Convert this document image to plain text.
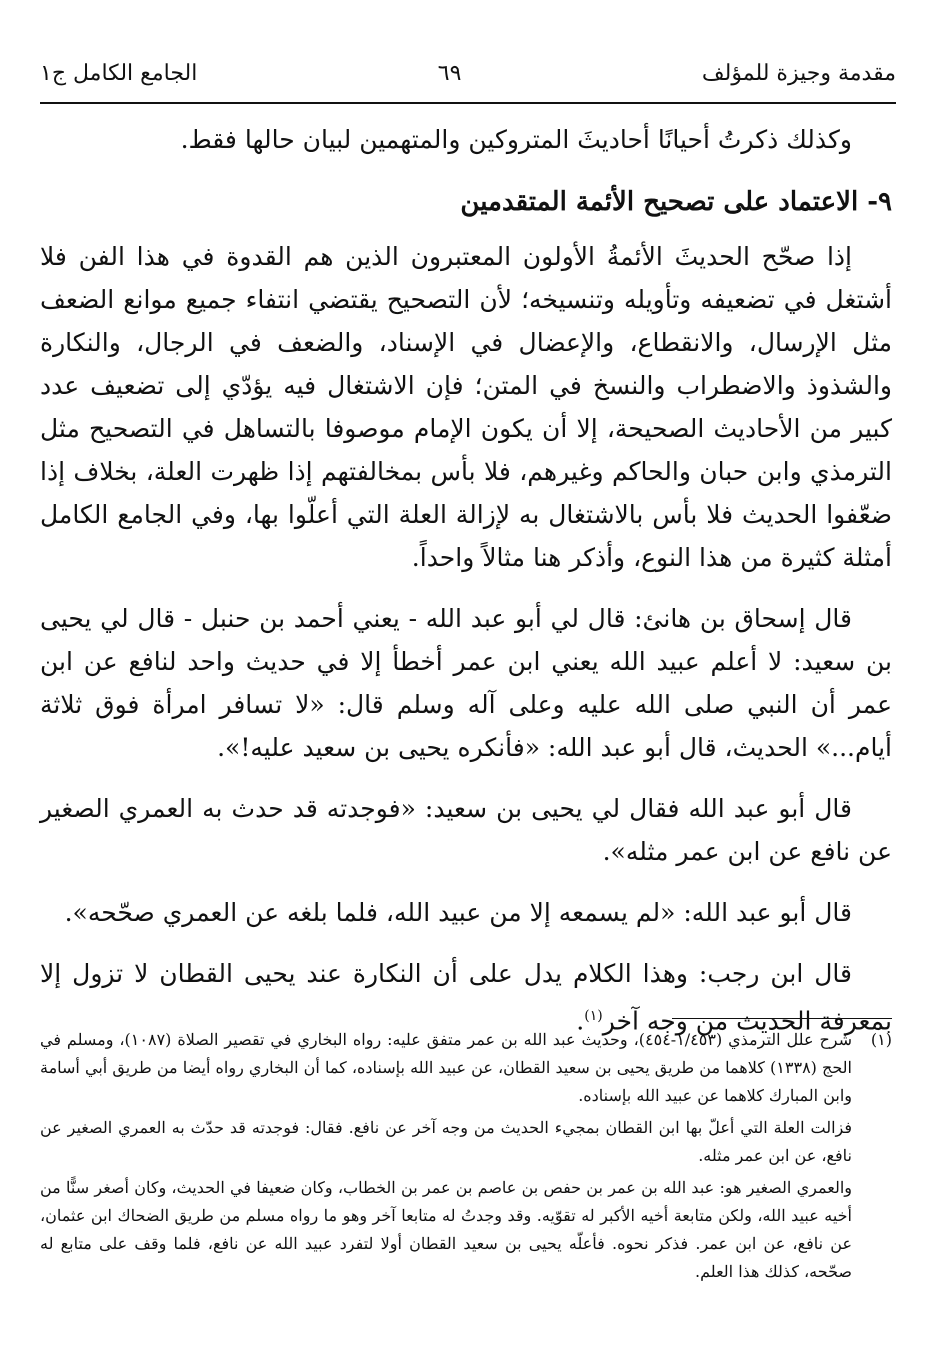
مقدمة وجيزة للمؤلف
٦٩
الجامع الكامل ج١

وكذلك ذكرتُ أحيانًا أحاديثَ المتروكين والمتهمين لبيان حالها فقط.

٩- الاعتماد على تصحيح الأئمة المتقدمين

إذا صحّح الحديثَ الأئمةُ الأولون المعتبرون الذين هم القدوة في هذا الفن فلا أشتغل في تضعيفه وتأويله وتنسيخه؛ لأن التصحيح يقتضي انتفاء جميع موانع الضعف مثل الإرسال، والانقطاع، والإعضال في الإسناد، والضعف في الرجال، والنكارة والشذوذ والاضطراب والنسخ في المتن؛ فإن الاشتغال فيه يؤدّي إلى تضعيف عدد كبير من الأحاديث الصحيحة، إلا أن يكون الإمام موصوفا بالتساهل في التصحيح مثل الترمذي وابن حبان والحاكم وغيرهم، فلا بأس بمخالفتهم إذا ظهرت العلة، بخلاف إذا ضعّفوا الحديث فلا بأس بالاشتغال به لإزالة العلة التي أعلّوا بها، وفي الجامع الكامل أمثلة كثيرة من هذا النوع، وأذكر هنا مثالاً واحداً.

قال إسحاق بن هانئ: قال لي أبو عبد الله - يعني أحمد بن حنبل - قال لي يحيى بن سعيد: لا أعلم عبيد الله يعني ابن عمر أخطأ إلا في حديث واحد لنافع عن ابن عمر أن النبي صلى الله عليه وعلى آله وسلم قال: «لا تسافر امرأة فوق ثلاثة أيام...» الحديث، قال أبو عبد الله: «فأنكره يحيى بن سعيد عليه!».

قال أبو عبد الله فقال لي يحيى بن سعيد: «فوجدته قد حدث به العمري الصغير عن نافع عن ابن عمر مثله».

قال أبو عبد الله: «لم يسمعه إلا من عبيد الله، فلما بلغه عن العمري صحّحه».

قال ابن رجب: وهذا الكلام يدل على أن النكارة عند يحيى القطان لا تزول إلا بمعرفة الحديث من وجه آخر$^{(١)}$.

(١)

شرح علل الترمذي (١/٤٥٣-٤٥٤)، وحديث عبد الله بن عمر متفق عليه: رواه البخاري في تقصير الصلاة (١٠٨٧)، ومسلم في الحج (١٣٣٨) كلاهما من طريق يحيى بن سعيد القطان، عن عبيد الله بإسناده، كما أن البخاري رواه أيضا من طريق أبي أسامة وابن المبارك كلاهما عن عبيد الله بإسناده.

فزالت العلة التي أعلّ بها ابن القطان بمجيء الحديث من وجه آخر عن نافع. فقال: فوجدته قد حدّث به العمري الصغير عن نافع، عن ابن عمر مثله.

والعمري الصغير هو: عبد الله بن عمر بن حفص بن عاصم بن عمر بن الخطاب، وكان ضعيفا في الحديث، وكان أصغر سنًّا من أخيه عبيد الله، ولكن متابعة أخيه الأكبر له تقوّيه. وقد وجدتُ له متابعا آخر وهو ما رواه مسلم من طريق الضحاك ابن عثمان، عن نافع، عن ابن عمر. فذكر نحوه. فأعلّه يحيى بن سعيد القطان أولا لتفرد عبيد الله عن نافع، فلما وقف على متابع له صحّحه، كذلك هذا العلم.
